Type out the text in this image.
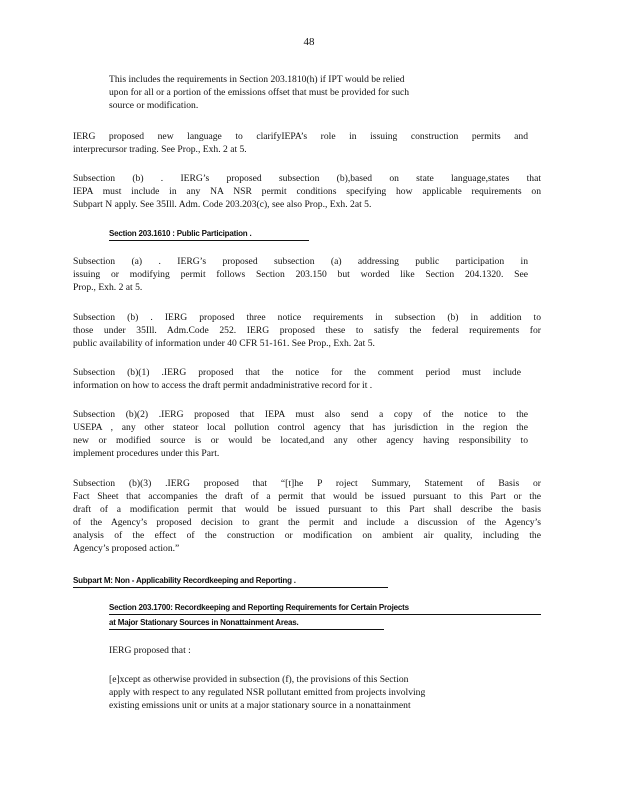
48
This includes the requirements in Section 203.1810(h) if IPT would be relied
upon for all or a portion of the emissions offset that must be provided for such
source or modification.
IERG proposed new language to clarifyIEPA’s role in issuing construction permits and
interprecursor trading. See Prop., Exh. 2 at 5.
Subsection (b) . IERG’s proposed subsection (b),based on state language,states that
IEPA must include in any NA NSR permit conditions specifying how applicable requirements on
Subpart N apply. See 35Ill. Adm. Code 203.203(c), see also Prop., Exh. 2at 5.
Section 203.1610 : Public Participation .
Subsection (a) . IERG’s proposed subsection (a) addressing public participation in
issuing or modifying permit follows Section 203.150 but worded like Section 204.1320. See
Prop., Exh. 2 at 5.
Subsection (b) . IERG proposed three notice requirements in subsection (b) in addition to
those under 35Ill. Adm.Code 252. IERG proposed these to satisfy the federal requirements for
public availability of information under 40 CFR 51-161. See Prop., Exh. 2at 5.
Subsection (b)(1) .IERG proposed that the notice for the comment period must include
information on how to access the draft permit andadministrative record for it .
Subsection (b)(2) .IERG proposed that IEPA must also send a copy of the notice to the
USEPA , any other stateor local pollution control agency that has jurisdiction in the region the
new or modified source is or would be located,and any other agency having responsibility to
implement procedures under this Part.
Subsection (b)(3) .IERG proposed that “[t]he P roject Summary, Statement of Basis or
Fact Sheet that accompanies the draft of a permit that would be issued pursuant to this Part or the
draft of a modification permit that would be issued pursuant to this Part shall describe the basis
of the Agency’s proposed decision to grant the permit and include a discussion of the Agency’s
analysis of the effect of the construction or modification on ambient air quality, including the
Agency’s proposed action.”
Subpart M: Non - Applicability Recordkeeping and Reporting .
Section 203.1700: Recordkeeping and Reporting Requirements for Certain Projects
at Major Stationary Sources in Nonattainment Areas.
IERG proposed that :
[e]xcept as otherwise provided in subsection (f), the provisions of this Section
apply with respect to any regulated NSR pollutant emitted from projects involving
existing emissions unit or units at a major stationary source in a nonattainment
